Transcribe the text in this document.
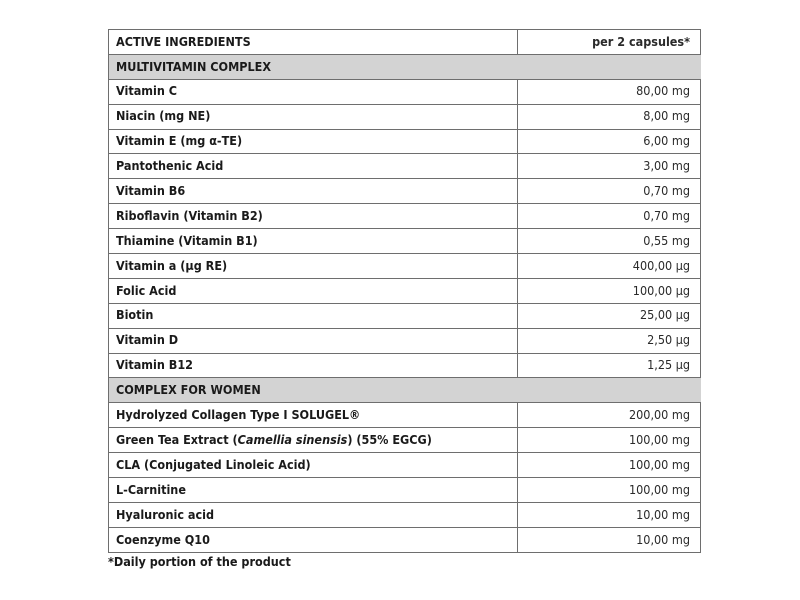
ACTIVE INGREDIENTS	per 2 capsules*
MULTIVITAMIN COMPLEX	
Vitamin C	80,00 mg
Niacin (mg NE)	8,00 mg
Vitamin E (mg α-TE)	6,00 mg
Pantothenic Acid	3,00 mg
Vitamin B6	0,70 mg
Riboflavin (Vitamin B2)	0,70 mg
Thiamine (Vitamin B1)	0,55 mg
Vitamin a (µg RE)	400,00 µg
Folic Acid	100,00 µg
Biotin	25,00 µg
Vitamin D	2,50 µg
Vitamin B12	1,25 µg
COMPLEX FOR WOMEN	
Hydrolyzed Collagen Type I SOLUGEL®	200,00 mg
Green Tea Extract (Camellia sinensis) (55% EGCG)	100,00 mg
CLA (Conjugated Linoleic Acid)	100,00 mg
L-Carnitine	100,00 mg
Hyaluronic acid	10,00 mg
Coenzyme Q10	10,00 mg
*Daily portion of the product
